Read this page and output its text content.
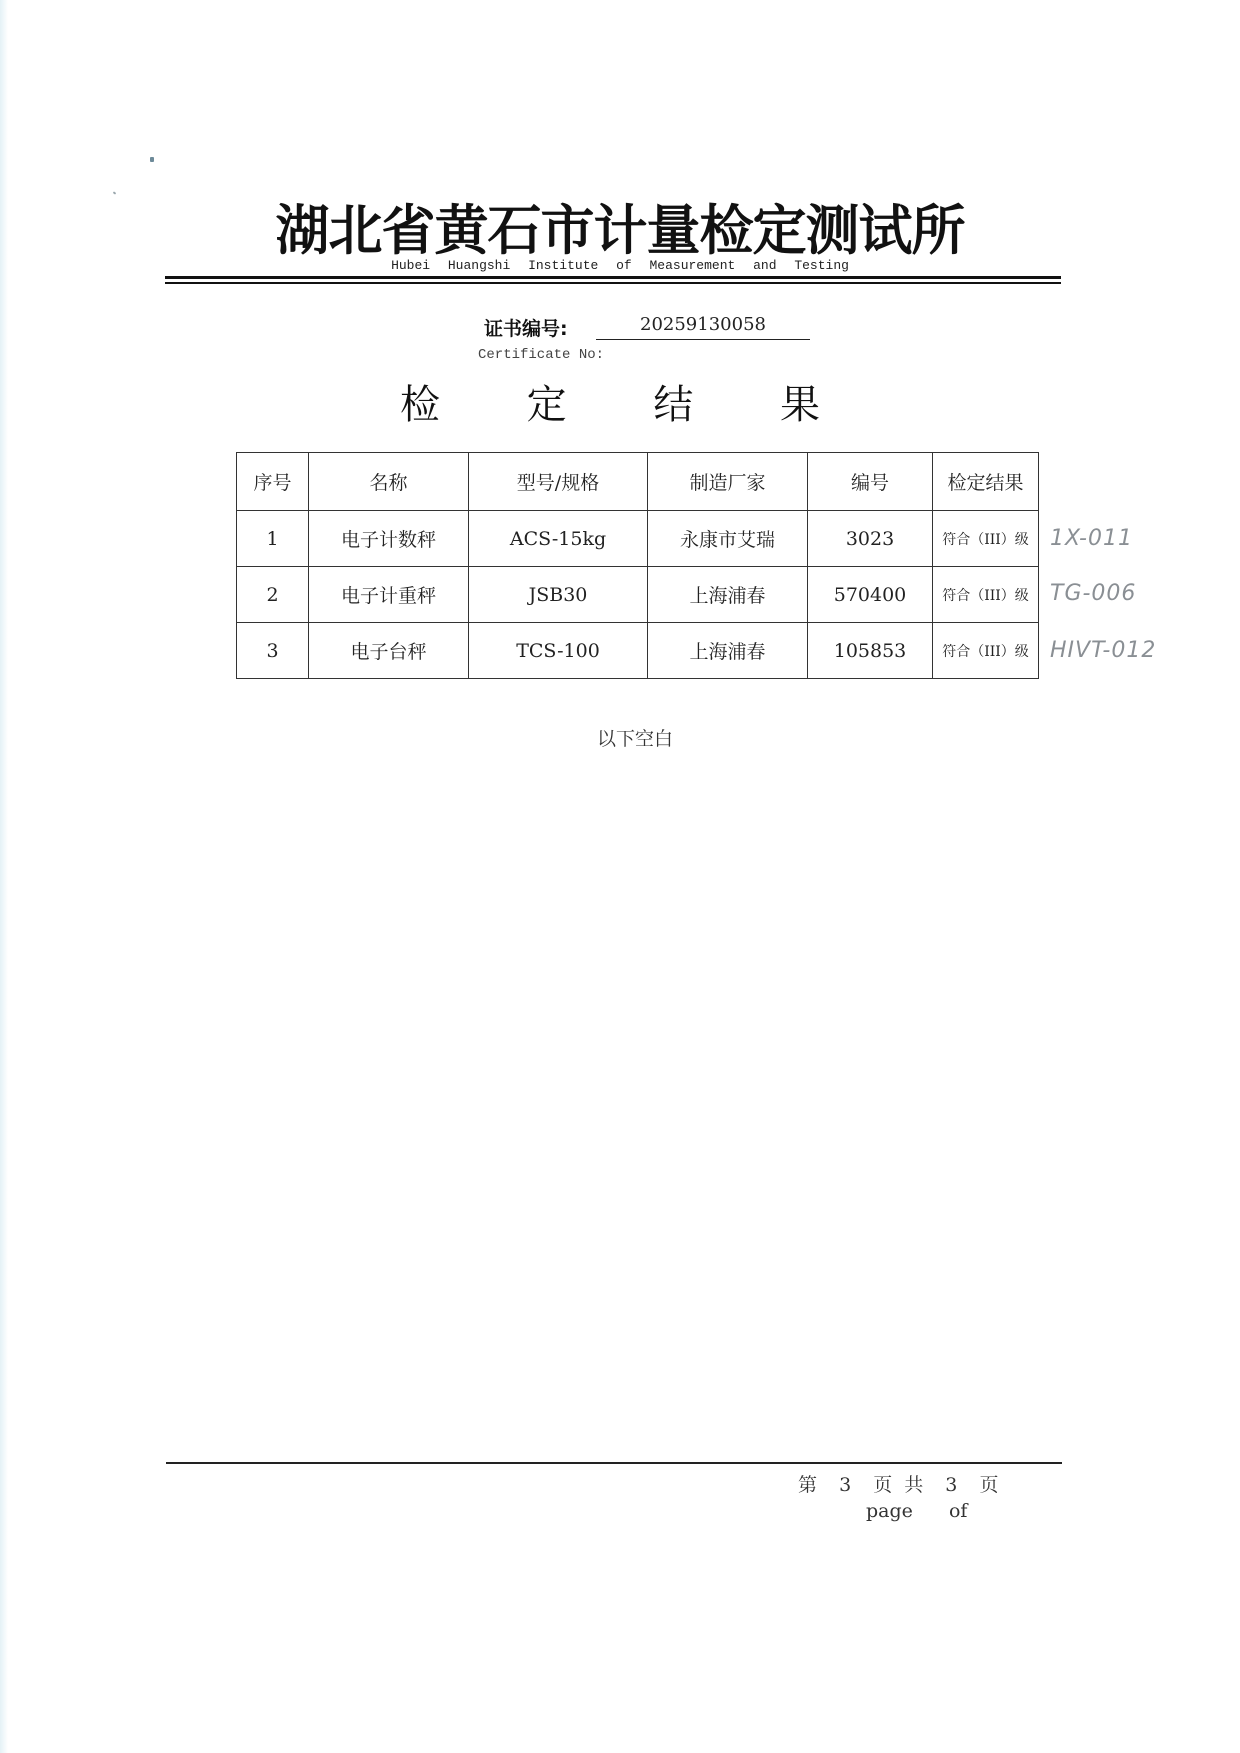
湖北省黄石市计量检定测试所
Hubei Huangshi Institute of Measurement and Testing
证书编号:	20259130058
Certificate No:
检 定 结 果
序号	名称	型号/规格	制造厂家	编号	检定结果
1	电子计数秤	ACS-15kg	永康市艾瑞	3023	符合（III）级
2	电子计重秤	JSB30	上海浦春	570400	符合（III）级
3	电子台秤	TCS-100	上海浦春	105853	符合（III）级
1X-011
TG-006
HIVT-012
以下空白
第 3 页 共 3 页
page of
